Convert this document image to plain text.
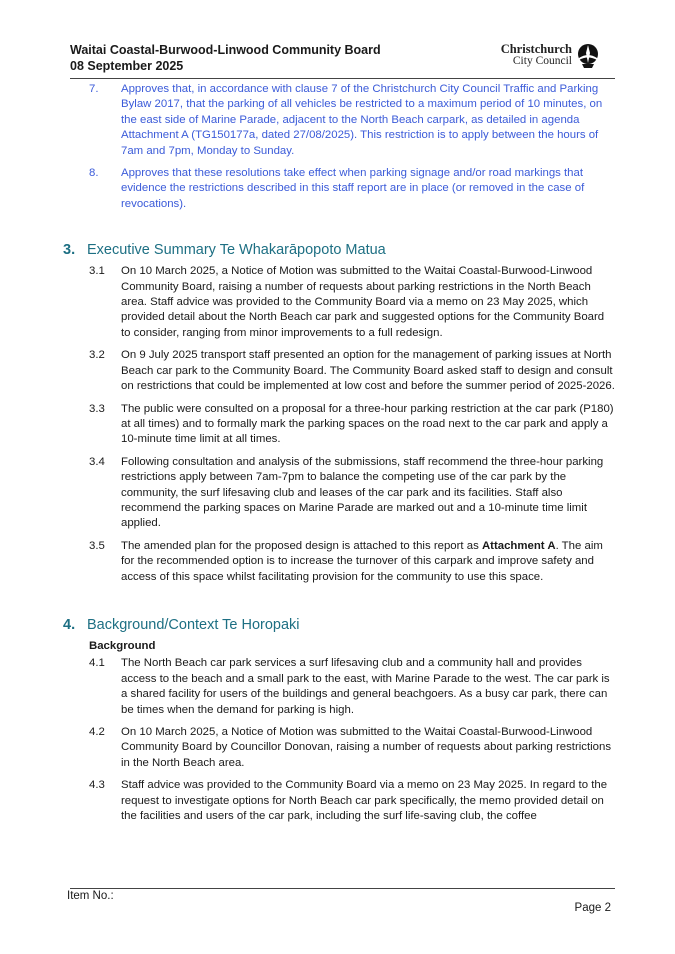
Waitai Coastal-Burwood-Linwood Community Board
08 September 2025
Christchurch
City Council
7. Approves that, in accordance with clause 7 of the Christchurch City Council Traffic and Parking Bylaw 2017, that the parking of all vehicles be restricted to a maximum period of 10 minutes, on the east side of Marine Parade, adjacent to the North Beach carpark, as detailed in agenda Attachment A (TG150177a, dated 27/08/2025). This restriction is to apply between the hours of 7am and 7pm, Monday to Sunday.
8. Approves that these resolutions take effect when parking signage and/or road markings that evidence the restrictions described in this staff report are in place (or removed in the case of revocations).
3. Executive Summary Te Whakarāpopoto Matua
3.1 On 10 March 2025, a Notice of Motion was submitted to the Waitai Coastal-Burwood-Linwood Community Board, raising a number of requests about parking restrictions in the North Beach area. Staff advice was provided to the Community Board via a memo on 23 May 2025, which provided detail about the North Beach car park and suggested options for the Community Board to consider, ranging from minor improvements to a full redesign.
3.2 On 9 July 2025 transport staff presented an option for the management of parking issues at North Beach car park to the Community Board. The Community Board asked staff to design and consult on restrictions that could be implemented at low cost and before the summer period of 2025-2026.
3.3 The public were consulted on a proposal for a three-hour parking restriction at the car park (P180) at all times) and to formally mark the parking spaces on the road next to the car park and apply a 10-minute time limit at all times.
3.4 Following consultation and analysis of the submissions, staff recommend the three-hour parking restrictions apply between 7am-7pm to balance the competing use of the car park by the community, the surf lifesaving club and leases of the car park and its facilities. Staff also recommend the parking spaces on Marine Parade are marked out and a 10-minute time limit applied.
3.5 The amended plan for the proposed design is attached to this report as Attachment A. The aim for the recommended option is to increase the turnover of this carpark and improve safety and access of this space whilst facilitating provision for the community to use this space.
4. Background/Context Te Horopaki
Background
4.1 The North Beach car park services a surf lifesaving club and a community hall and provides access to the beach and a small park to the east, with Marine Parade to the west. The car park is a shared facility for users of the buildings and general beachgoers. As a busy car park, there can be times when the demand for parking is high.
4.2 On 10 March 2025, a Notice of Motion was submitted to the Waitai Coastal-Burwood-Linwood Community Board by Councillor Donovan, raising a number of requests about parking restrictions in the North Beach area.
4.3 Staff advice was provided to the Community Board via a memo on 23 May 2025. In regard to the request to investigate options for North Beach car park specifically, the memo provided detail on the facilities and users of the car park, including the surf life-saving club, the coffee
Item No.:
Page 2
